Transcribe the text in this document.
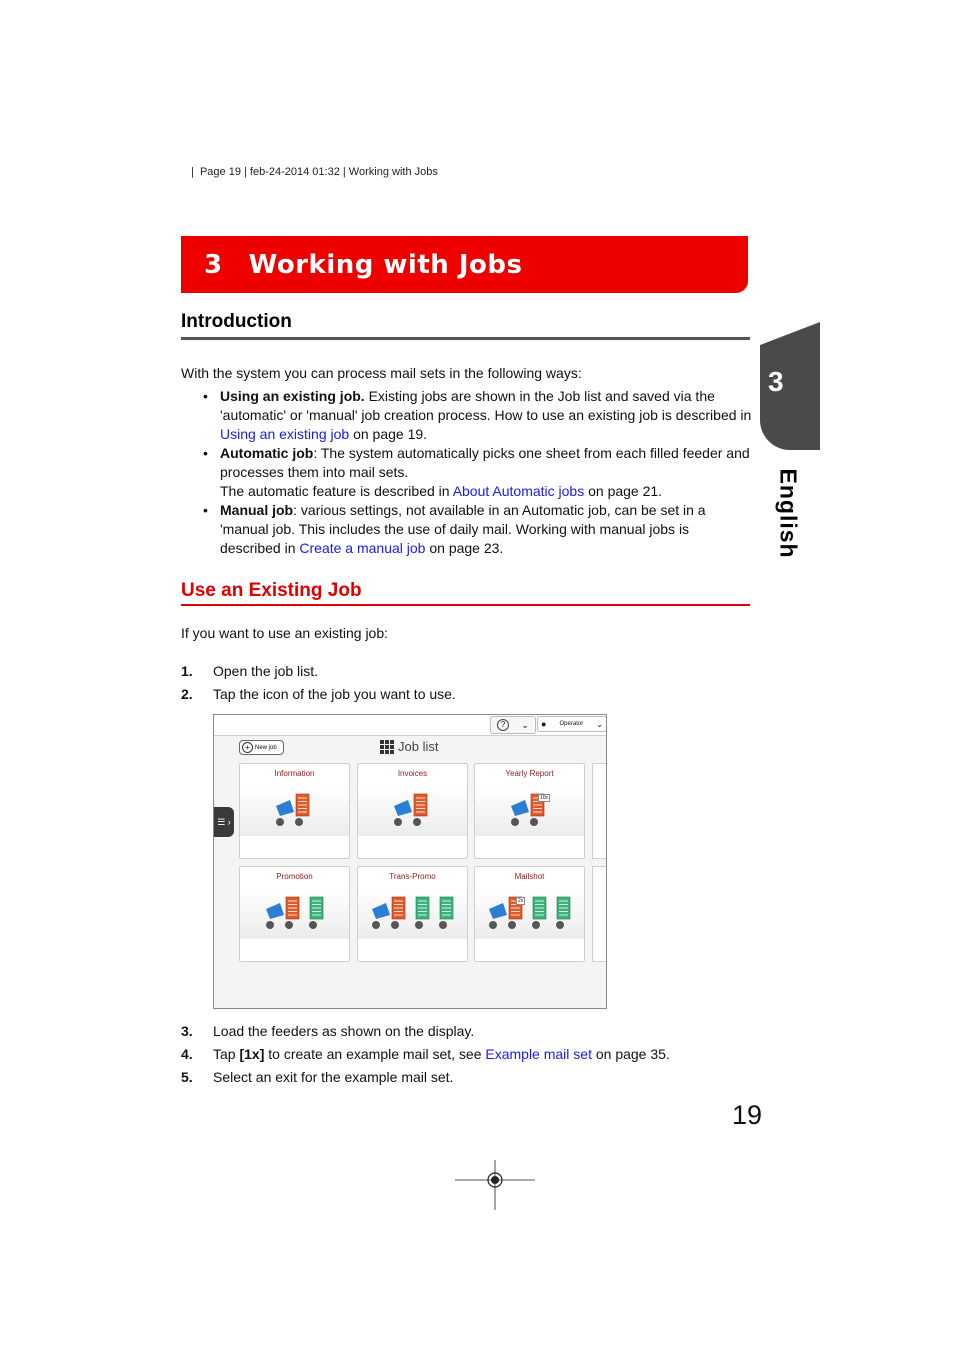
|  Page 19 | feb-24-2014 01:32 | Working with Jobs
3 Working with Jobs
3
English
Introduction
With the system you can process mail sets in the following ways:
• Using an existing job. Existing jobs are shown in the Job list and saved via the 'automatic' or 'manual' job creation process. How to use an existing job is described in Using an existing job on page 19.
• Automatic job: The system automatically picks one sheet from each filled feeder and processes them into mail sets.
The automatic feature is described in About Automatic jobs on page 21.
• Manual job: various settings, not available in an Automatic job, can be set in a 'manual job. This includes the use of daily mail. Working with manual jobs is described in Create a manual job on page 23.
Use an Existing Job
If you want to use an existing job:
1. Open the job list.
2. Tap the icon of the job you want to use.
?	⌄ ● Operator ⌄
+ New job	Job list
☰ ›
Information	Invoices	Yearly Report
10x
Promotion	Trans-Promo	Mailshot
2x
3. Load the feeders as shown on the display.
4. Tap [1x] to create an example mail set, see Example mail set on page 35.
5. Select an exit for the example mail set.
19
